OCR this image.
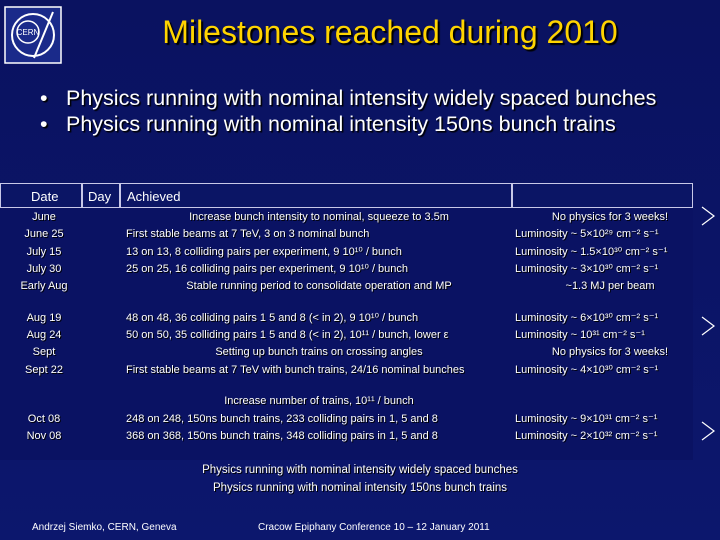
CERN	Milestones reached during 2010
• Physics running with nominal intensity widely spaced bunches
• Physics running with nominal intensity 150ns bunch trains
Date Day Achieved
June	Increase bunch intensity to nominal, squeeze to 3.5m	No physics for 3 weeks!
June 25	First stable beams at 7 TeV, 3 on 3 nominal bunch	Luminosity ~ 5×10²⁹ cm⁻² s⁻¹
July 15	13 on 13, 8 colliding pairs per experiment, 9 10¹⁰ / bunch	Luminosity ~ 1.5×10³⁰ cm⁻² s⁻¹
July 30	25 on 25, 16 colliding pairs per experiment, 9 10¹⁰ / bunch	Luminosity ~ 3×10³⁰ cm⁻² s⁻¹
Early Aug	Stable running period to consolidate operation and MP	~1.3 MJ per beam
Aug 19	48 on 48, 36 colliding pairs 1 5 and 8 (< in 2), 9 10¹⁰ / bunch	Luminosity ~ 6×10³⁰ cm⁻² s⁻¹
Aug 24	50 on 50, 35 colliding pairs 1 5 and 8 (< in 2), 10¹¹ / bunch, lower ε	Luminosity ~ 10³¹ cm⁻² s⁻¹
Sept	Setting up bunch trains on crossing angles	No physics for 3 weeks!
Sept 22	First stable beams at 7 TeV with bunch trains, 24/16 nominal bunches	Luminosity ~ 4×10³⁰ cm⁻² s⁻¹
Increase number of trains, 10¹¹ / bunch
Oct 08	248 on 248, 150ns bunch trains, 233 colliding pairs in 1, 5 and 8	Luminosity ~ 9×10³¹ cm⁻² s⁻¹
Nov 08	368 on 368, 150ns bunch trains, 348 colliding pairs in 1, 5 and 8	Luminosity ~ 2×10³² cm⁻² s⁻¹
Physics running with nominal intensity widely spaced bunches
Physics running with nominal intensity 150ns bunch trains
Andrzej Siemko, CERN, Geneva	Cracow Epiphany Conference 10 – 12 January 2011
